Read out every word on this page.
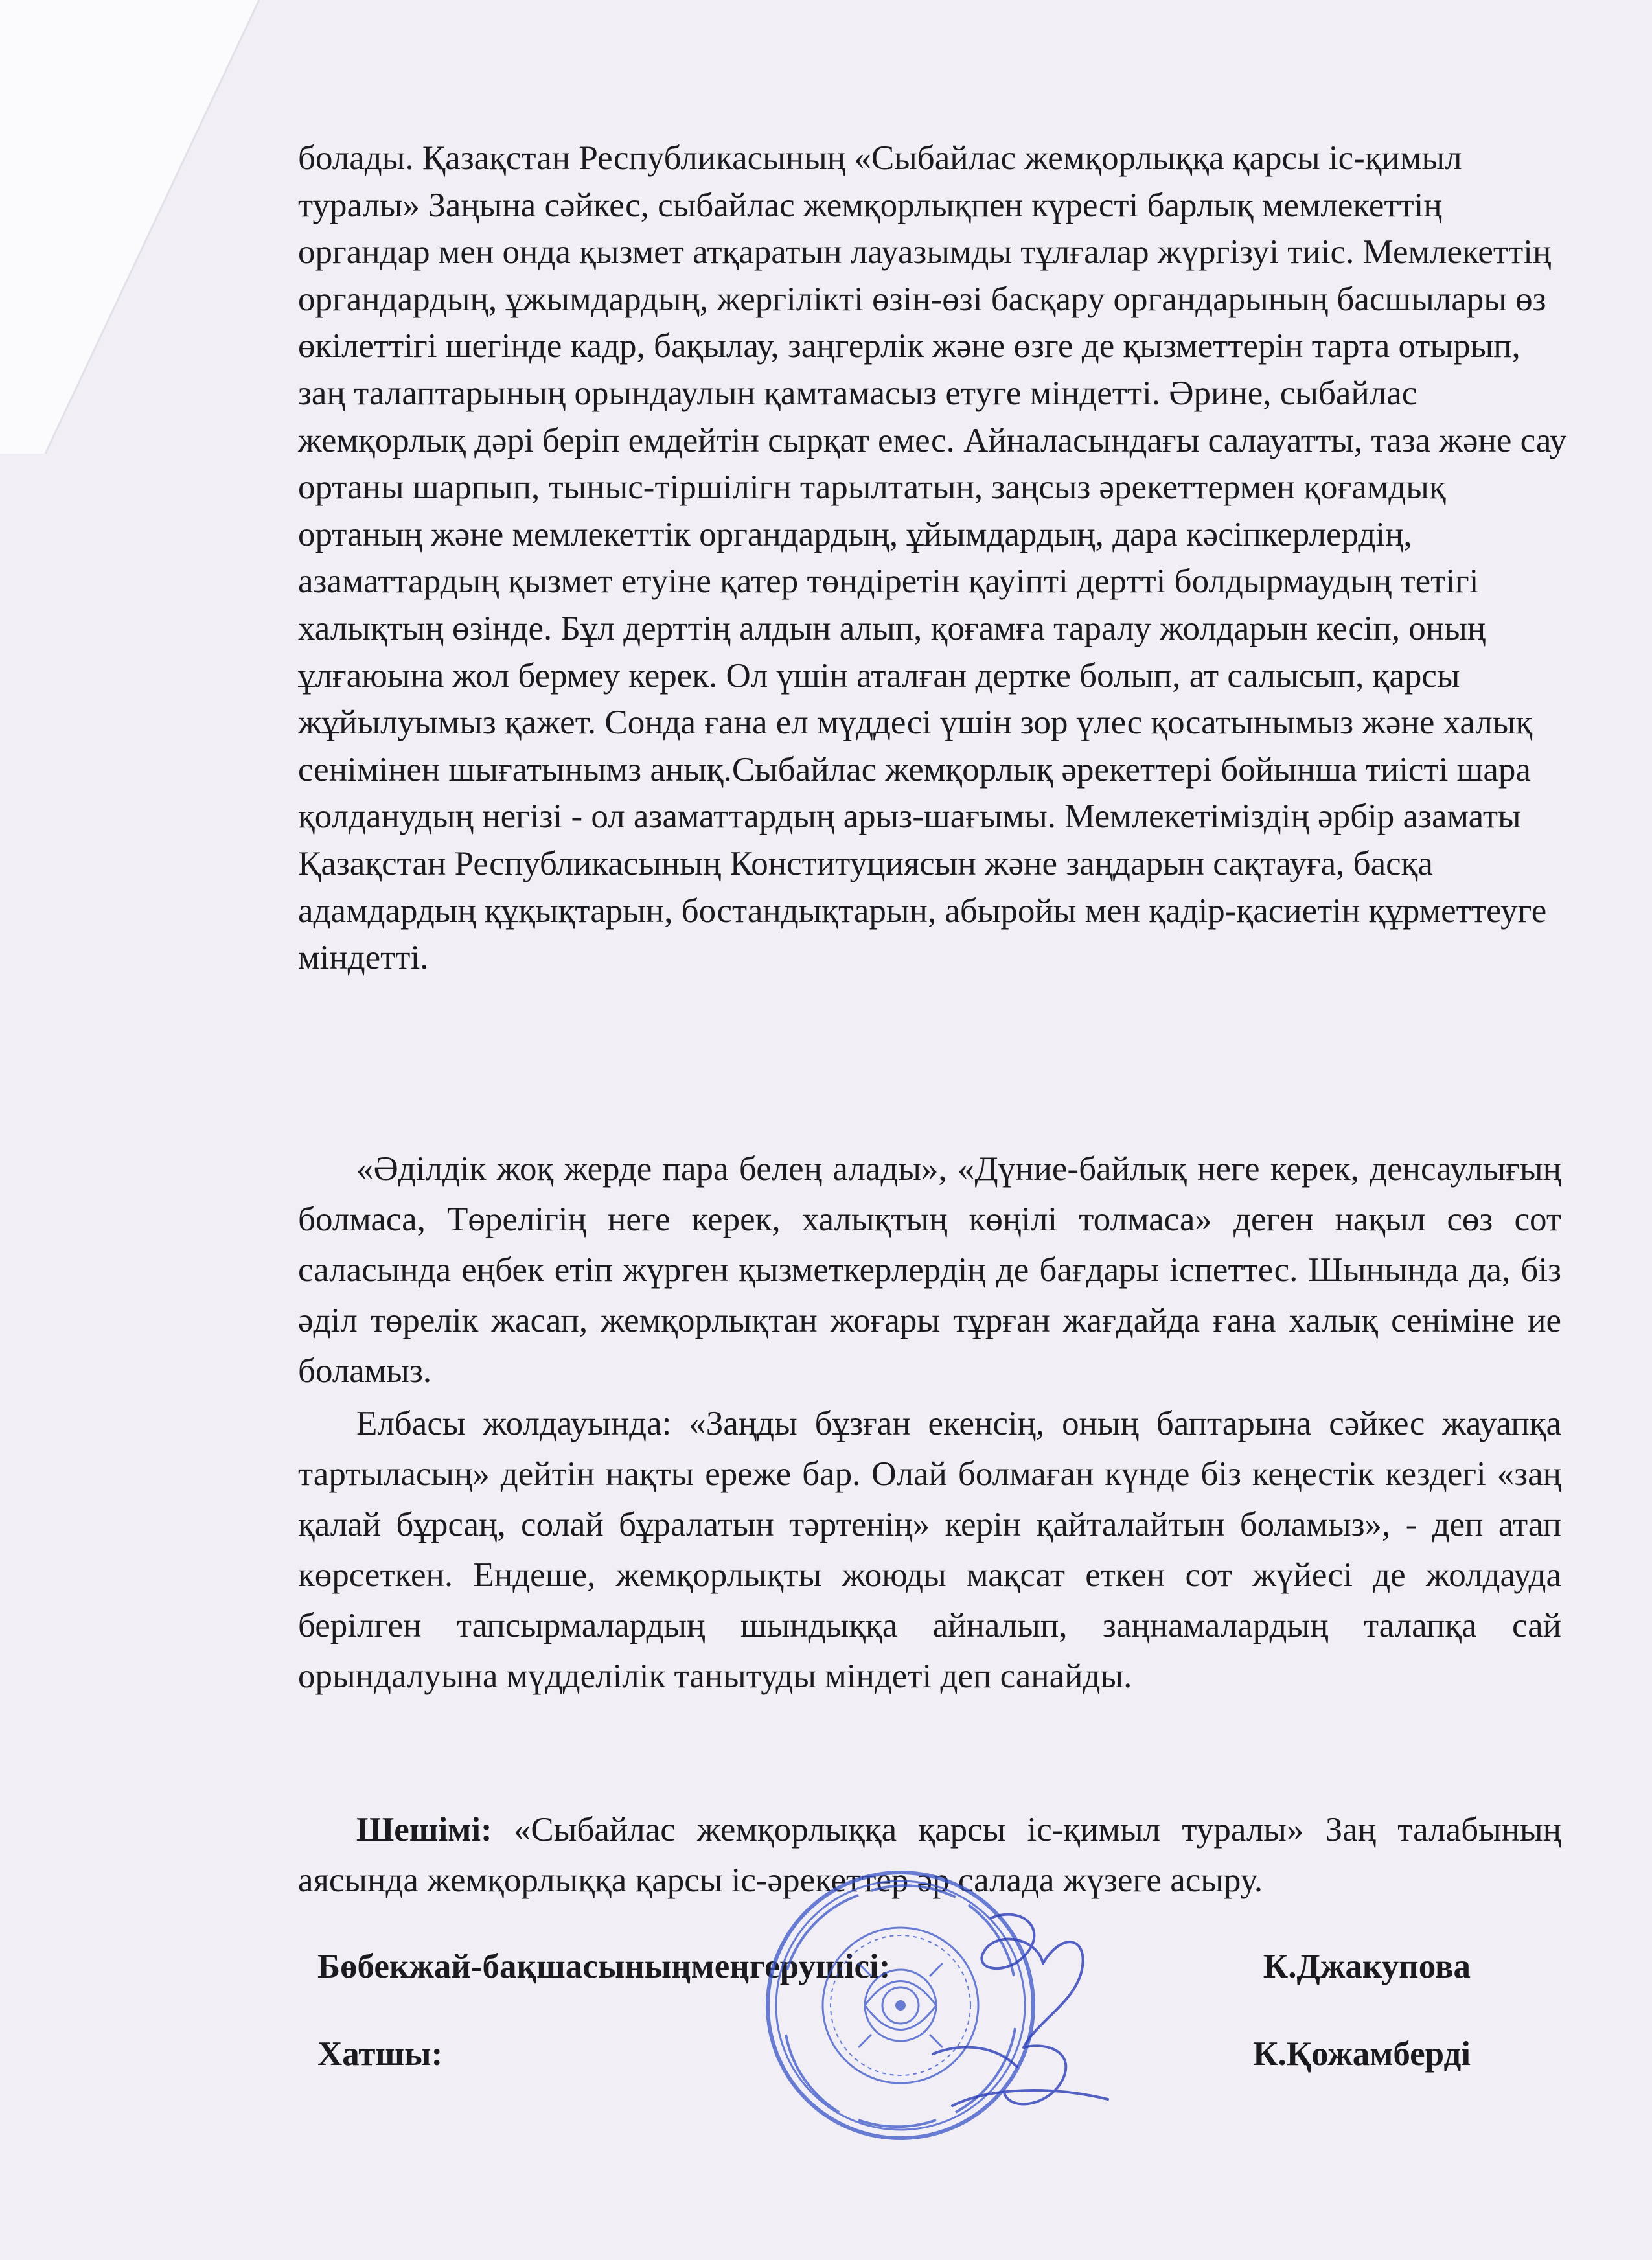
болады. Қазақстан Республикасының «Сыбайлас жемқорлыққа қарсы іс-қимыл туралы» Заңына сәйкес, сыбайлас жемқорлықпен күресті барлық мемлекеттің органдар мен онда қызмет атқаратын лауазымды тұлғалар жүргізуі тиіс. Мемлекеттің органдардың, ұжымдардың, жергілікті өзін-өзі басқару органдарының басшылары өз өкілеттігі шегінде кадр, бақылау, заңгерлік және өзге де қызметтерін тарта отырып, заң талаптарының орындаулын қамтамасыз етуге міндетті. Әрине, сыбайлас жемқорлық дәрі беріп емдейтін сырқат емес. Айналасындағы салауатты, таза және сау ортаны шарпып, тыныс-тіршілігн тарылтатын, заңсыз әрекеттермен қоғамдық ортаның және мемлекеттік органдардың, ұйымдардың, дара кәсіпкерлердің, азаматтардың қызмет етуіне қатер төндіретін қауіпті дертті болдырмаудың тетігі халықтың өзінде. Бұл дерттің алдын алып, қоғамға таралу жолдарын кесіп, оның ұлғаюына жол бермеу керек. Ол үшін аталған дертке болып, ат салысып, қарсы жұйылуымыз қажет. Сонда ғана ел мүддесі үшін зор үлес қосатынымыз және халық сенімінен шығатынымз анық.Сыбайлас жемқорлық әрекеттері бойынша тиісті шара қолданудың негізі - ол азаматтардың арыз-шағымы. Мемлекетіміздің әрбір азаматы Қазақстан Республикасының Конституциясын және заңдарын сақтауға, басқа адамдардың құқықтарын, бостандықтарын, абыройы мен қадір-қасиетін құрметтеуге міндетті.
«Әділдік жоқ жерде пара белең алады», «Дүние-байлық неге керек, денсаулығың болмаса, Төрелігің неге керек, халықтың көңілі толмаса» деген нақыл сөз сот саласында еңбек етіп жүрген қызметкерлердің де бағдары іспеттес. Шынында да, біз әділ төрелік жасап, жемқорлықтан жоғары тұрған жағдайда ғана халық сеніміне ие боламыз.
Елбасы жолдауында: «Заңды бұзған екенсің, оның баптарына сәйкес жауапқа тартыласың» дейтін нақты ереже бар. Олай болмаған күнде біз кеңестік кездегі «заң қалай бұрсаң, солай бұралатын тәртенің» керін қайталайтын боламыз», - деп атап көрсеткен. Ендеше, жемқорлықты жоюды мақсат еткен сот жүйесі де жолдауда берілген тапсырмалардың шындыққа айналып, заңнамалардың талапқа сай орындалуына мүдделілік танытуды міндеті деп санайды.
Шешімі: «Сыбайлас жемқорлыққа қарсы іс-қимыл туралы» Заң талабының аясында жемқорлыққа қарсы іс-әрекеттер әр салада жүзеге асыру.
Бөбекжай-бақшасыныңмеңгерушісі:	К.Джакупова
Хатшы:	К.Қожамберді
